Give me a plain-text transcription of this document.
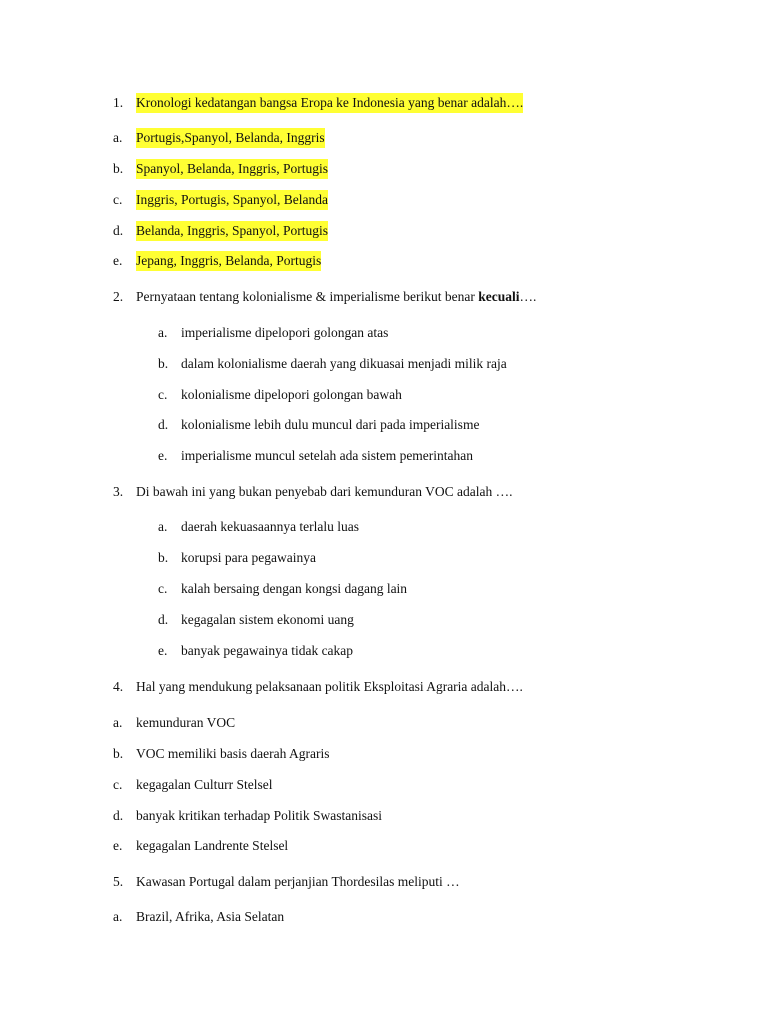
1. Kronologi kedatangan bangsa Eropa ke Indonesia yang benar adalah….
a. Portugis,Spanyol, Belanda, Inggris
b. Spanyol, Belanda, Inggris, Portugis
c. Inggris, Portugis, Spanyol, Belanda
d. Belanda, Inggris, Spanyol, Portugis
e. Jepang, Inggris, Belanda, Portugis
2. Pernyataan tentang kolonialisme & imperialisme berikut benar kecuali….
a. imperialisme dipelopori golongan atas
b. dalam kolonialisme daerah yang dikuasai menjadi milik raja
c. kolonialisme dipelopori golongan bawah
d. kolonialisme lebih dulu muncul dari pada imperialisme
e. imperialisme muncul setelah ada sistem pemerintahan
3. Di bawah ini yang bukan penyebab dari kemunduran VOC adalah ….
a. daerah kekuasaannya terlalu luas
b. korupsi para pegawainya
c. kalah bersaing dengan kongsi dagang lain
d. kegagalan sistem ekonomi uang
e. banyak pegawainya tidak cakap
4. Hal yang mendukung pelaksanaan politik Eksploitasi Agraria adalah….
a. kemunduran VOC
b. VOC memiliki basis daerah Agraris
c. kegagalan Culturr Stelsel
d. banyak kritikan terhadap Politik Swastanisasi
e. kegagalan Landrente Stelsel
5. Kawasan Portugal dalam perjanjian Thordesilas meliputi …
a. Brazil, Afrika, Asia Selatan
